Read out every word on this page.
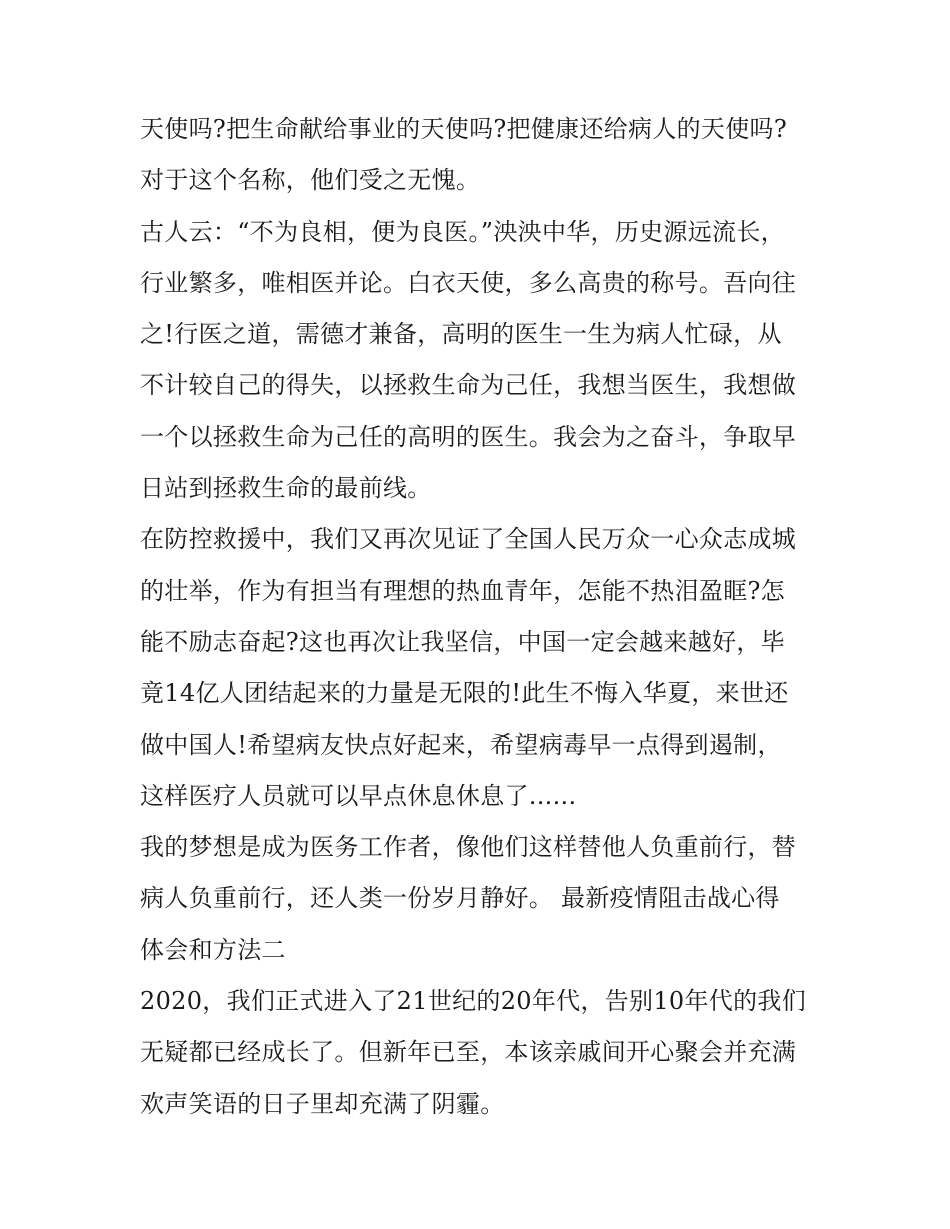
天使吗?把生命献给事业的天使吗?把健康还给病人的天使吗?
对于这个名称，他们受之无愧。
古人云：“不为良相，便为良医。”泱泱中华，历史源远流长，
行业繁多，唯相医并论。白衣天使，多么高贵的称号。吾向往
之!行医之道，需德才兼备，高明的医生一生为病人忙碌，从
不计较自己的得失，以拯救生命为己任，我想当医生，我想做
一个以拯救生命为己任的高明的医生。我会为之奋斗，争取早
日站到拯救生命的最前线。
在防控救援中，我们又再次见证了全国人民万众一心众志成城
的壮举，作为有担当有理想的热血青年，怎能不热泪盈眶?怎
能不励志奋起?这也再次让我坚信，中国一定会越来越好，毕
竟14亿人团结起来的力量是无限的!此生不悔入华夏，来世还
做中国人!希望病友快点好起来，希望病毒早一点得到遏制，
这样医疗人员就可以早点休息休息了......
我的梦想是成为医务工作者，像他们这样替他人负重前行，替
病人负重前行，还人类一份岁月静好。 最新疫情阻击战心得
体会和方法二
2020，我们正式进入了21世纪的20年代，告别10年代的我们
无疑都已经成长了。但新年已至，本该亲戚间开心聚会并充满
欢声笑语的日子里却充满了阴霾。
